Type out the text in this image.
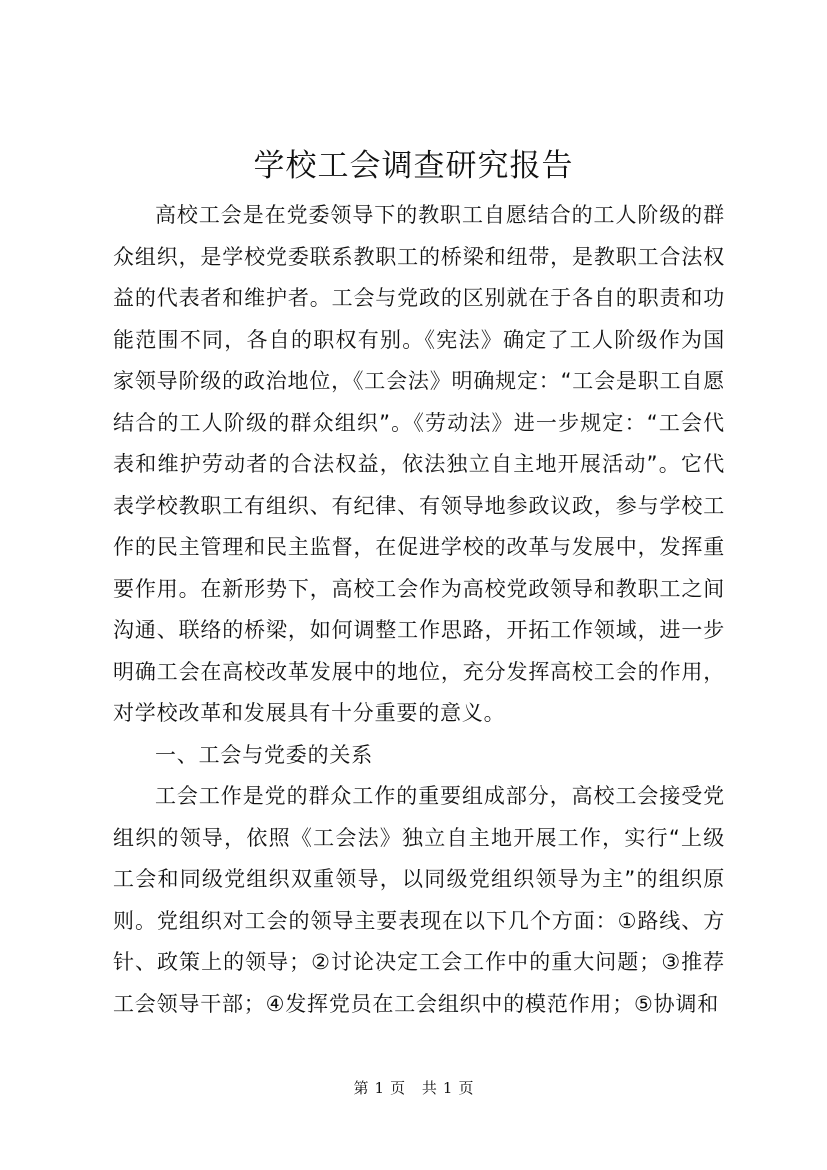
学校工会调查研究报告

高校工会是在党委领导下的教职工自愿结合的工人阶级的群众组织，是学校党委联系教职工的桥梁和纽带，是教职工合法权益的代表者和维护者。工会与党政的区别就在于各自的职责和功能范围不同，各自的职权有别。《宪法》确定了工人阶级作为国家领导阶级的政治地位，《工会法》明确规定：“工会是职工自愿结合的工人阶级的群众组织”。《劳动法》进一步规定：“工会代表和维护劳动者的合法权益，依法独立自主地开展活动”。它代表学校教职工有组织、有纪律、有领导地参政议政，参与学校工作的民主管理和民主监督，在促进学校的改革与发展中，发挥重要作用。在新形势下，高校工会作为高校党政领导和教职工之间沟通、联络的桥梁，如何调整工作思路，开拓工作领域，进一步明确工会在高校改革发展中的地位，充分发挥高校工会的作用，对学校改革和发展具有十分重要的意义。

一、工会与党委的关系

工会工作是党的群众工作的重要组成部分，高校工会接受党组织的领导，依照《工会法》独立自主地开展工作，实行“上级工会和同级党组织双重领导，以同级党组织领导为主”的组织原则。党组织对工会的领导主要表现在以下几个方面：①路线、方针、政策上的领导；②讨论决定工会工作中的重大问题；③推荐工会领导干部；④发挥党员在工会组织中的模范作用；⑤协调和

第 1 页 共 1 页
